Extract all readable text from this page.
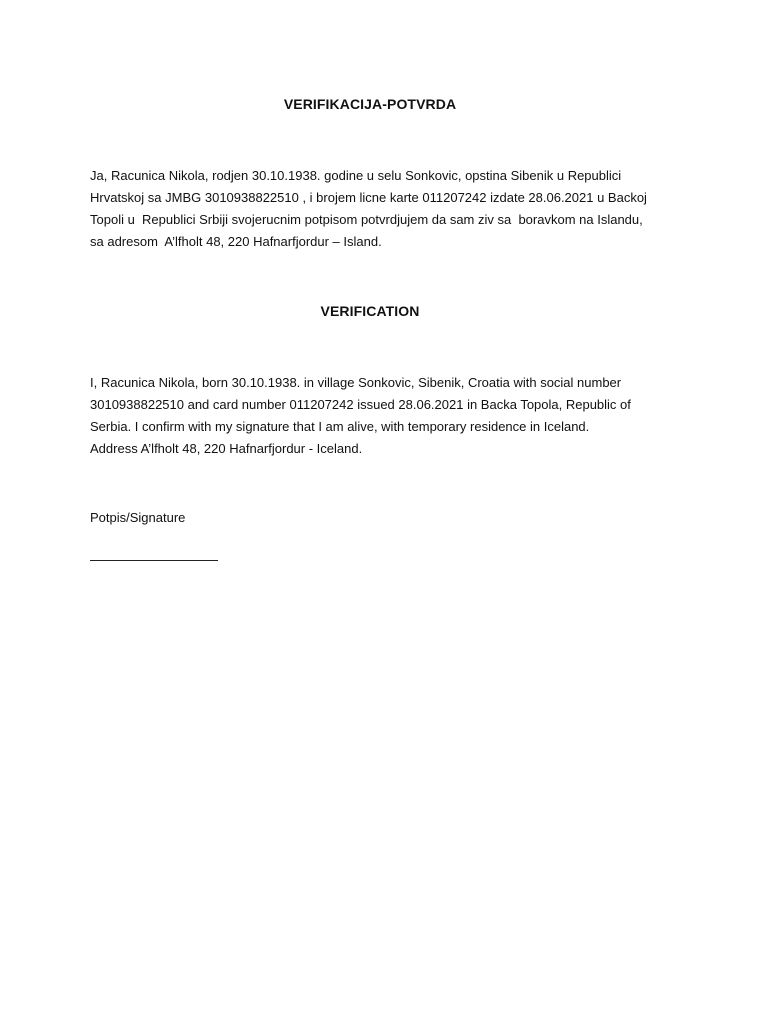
VERIFIKACIJA-POTVRDA

Ja, Racunica Nikola, rodjen 30.10.1938. godine u selu Sonkovic, opstina Sibenik u Republici
Hrvatskoj sa JMBG 3010938822510 , i brojem licne karte 011207242 izdate 28.06.2021 u Backoj
Topoli u  Republici Srbiji svojerucnim potpisom potvrdjujem da sam ziv sa  boravkom na Islandu,
sa adresom  A’lfholt 48, 220 Hafnarfjordur – Island.

VERIFICATION

I, Racunica Nikola, born 30.10.1938. in village Sonkovic, Sibenik, Croatia with social number
3010938822510 and card number 011207242 issued 28.06.2021 in Backa Topola, Republic of
Serbia. I confirm with my signature that I am alive, with temporary residence in Iceland.
Address A’lfholt 48, 220 Hafnarfjordur - Iceland.

Potpis/Signature
